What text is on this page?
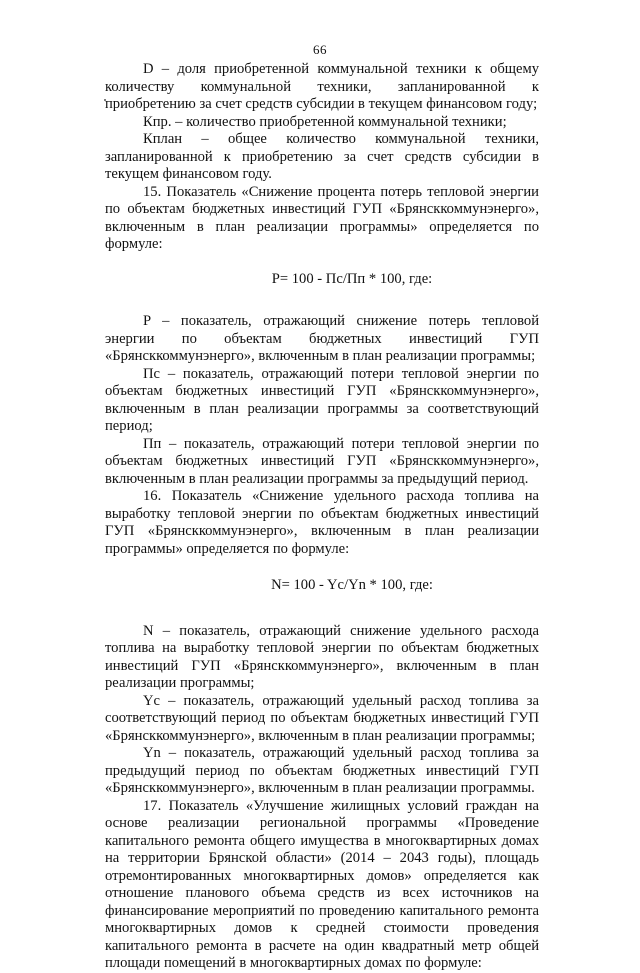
66

D – доля приобретенной коммунальной техники к общему количеству коммунальной техники, запланированной к приобретению за счет средств субсидии в текущем финансовом году;

Кпр. – количество приобретенной коммунальной техники;

Кплан – общее количество коммунальной техники, запланированной к приобретению за счет средств субсидии в текущем финансовом году.

15. Показатель «Снижение процента потерь тепловой энергии по объектам бюджетных инвестиций ГУП «Брянсккоммунэнерго», включенным в план реализации программы» определяется по формуле:

P= 100 - Пс/Пп * 100, где:

P – показатель, отражающий снижение потерь тепловой энергии по объектам бюджетных инвестиций ГУП «Брянсккоммунэнерго», включенным в план реализации программы;

Пс – показатель, отражающий потери тепловой энергии по объектам бюджетных инвестиций ГУП «Брянсккоммунэнерго», включенным в план реализации программы за соответствующий период;

Пп – показатель, отражающий потери тепловой энергии по объектам бюджетных инвестиций ГУП «Брянсккоммунэнерго», включенным в план реализации программы за предыдущий период.

16. Показатель «Снижение удельного расхода топлива на выработку тепловой энергии по объектам бюджетных инвестиций ГУП «Брянсккоммунэнерго», включенным в план реализации программы» определяется по формуле:

N= 100 - Yc/Yn * 100, где:

N – показатель, отражающий снижение удельного расхода топлива на выработку тепловой энергии по объектам бюджетных инвестиций ГУП «Брянсккоммунэнерго», включенным в план реализации программы;

Yc – показатель, отражающий удельный расход топлива за соответствующий период по объектам бюджетных инвестиций ГУП «Брянсккоммунэнерго», включенным в план реализации программы;

Yn – показатель, отражающий удельный расход топлива за предыдущий период по объектам бюджетных инвестиций ГУП «Брянсккоммунэнерго», включенным в план реализации программы.

17. Показатель «Улучшение жилищных условий граждан на основе реализации региональной программы «Проведение капитального ремонта общего имущества в многоквартирных домах на территории Брянской области» (2014 – 2043 годы), площадь отремонтированных многоквартирных домов» определяется как отношение планового объема средств из всех источников на финансирование мероприятий по проведению капитального ремонта многоквартирных домов к средней стоимости проведения капитального ремонта в расчете на один квадратный метр общей площади помещений в многоквартирных домах по формуле:
